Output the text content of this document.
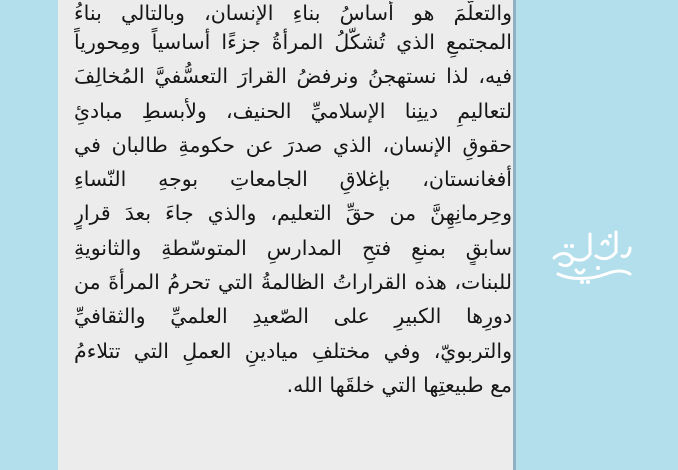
والتعلّمَ هو أساسُ بناءِ الإنسان، وبالتالي بناءُ
المجتمعِ الذي تُشكّلُ المرأةُ جزءًا أساسياً ومِحورياً
فيه، لذا نستهجنُ ونرفضُ القرارَ التعسُّفيَّ المُخالِفَ
لتعاليمِ دينِنا الإسلاميِّ الحنيف، ولأبسطِ مبادئِ
حقوقِ الإنسان، الذي صدرَ عن حكومةِ طالبان في
أفغانستان، بإغلاقِ الجامعاتِ بوجهِ النّساءِ
وحِرمانِهِنَّ من حقِّ التعليم، والذي جاءَ بعدَ قرارٍ
سابقٍ بمنعِ فتحِ المدارسِ المتوسّطةِ والثانويةِ
للبنات، هذه القراراتُ الظالمةُ التي تحرمُ المرأةَ من
دورِها الكبيرِ على الصّعيدِ العلميِّ والثقافيِّ
والتربويّ، وفي مختلفِ ميادينِ العملِ التي تتلاءمُ
مع طبيعتِها التي خلقَها الله.
